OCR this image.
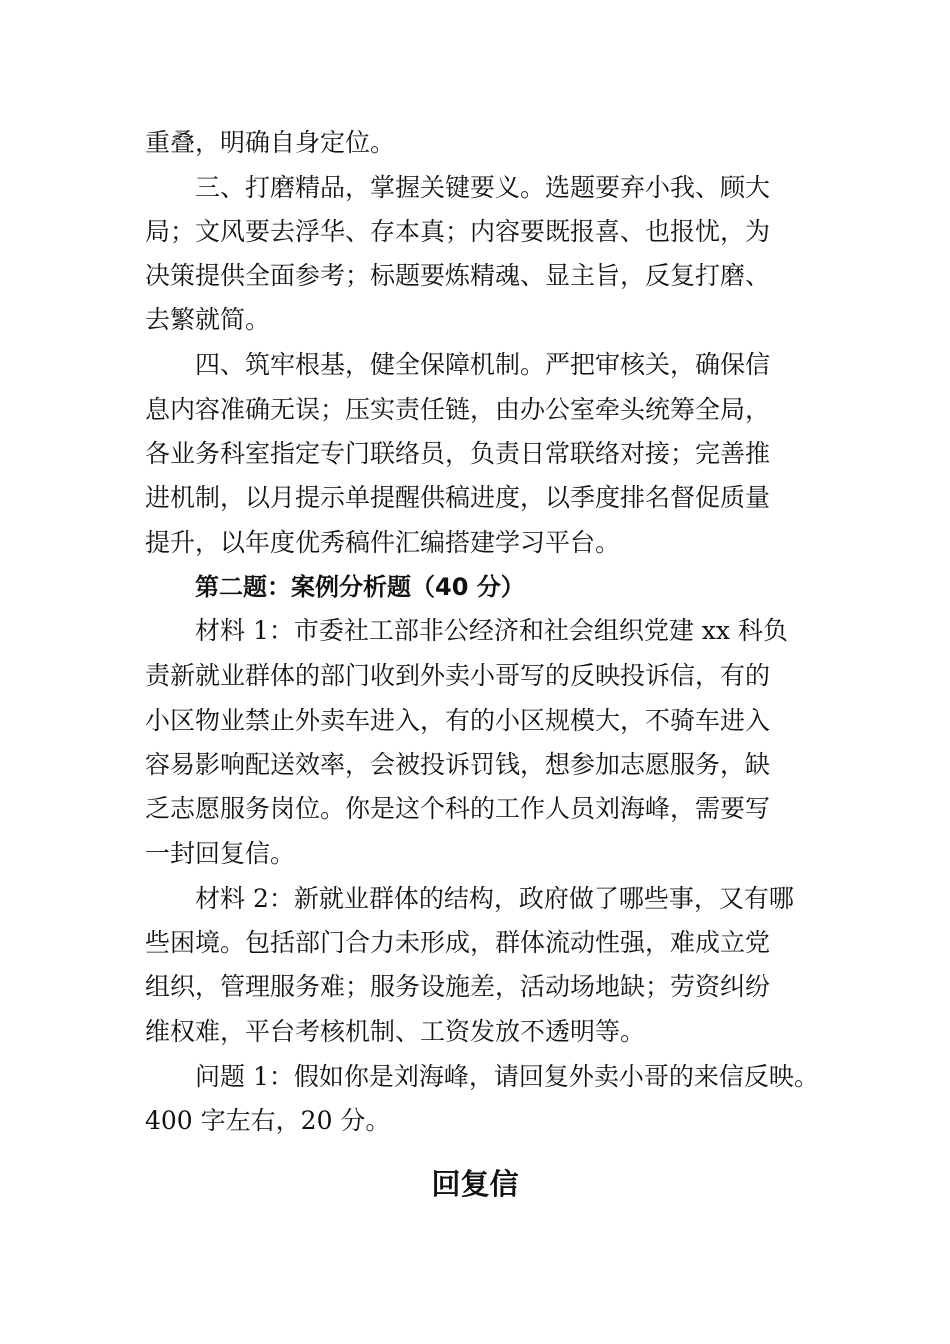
重叠，明确自身定位。
三、打磨精品，掌握关键要义。选题要弃小我、顾大
局；文风要去浮华、存本真；内容要既报喜、也报忧，为
决策提供全面参考；标题要炼精魂、显主旨，反复打磨、
去繁就简。
四、筑牢根基，健全保障机制。严把审核关，确保信
息内容准确无误；压实责任链，由办公室牵头统筹全局，
各业务科室指定专门联络员，负责日常联络对接；完善推
进机制，以月提示单提醒供稿进度，以季度排名督促质量
提升，以年度优秀稿件汇编搭建学习平台。
第二题：案例分析题（40 分）
材料 1：市委社工部非公经济和社会组织党建 xx 科负
责新就业群体的部门收到外卖小哥写的反映投诉信，有的
小区物业禁止外卖车进入，有的小区规模大，不骑车进入
容易影响配送效率，会被投诉罚钱，想参加志愿服务，缺
乏志愿服务岗位。你是这个科的工作人员刘海峰，需要写
一封回复信。
材料 2：新就业群体的结构，政府做了哪些事，又有哪
些困境。包括部门合力未形成，群体流动性强，难成立党
组织，管理服务难；服务设施差，活动场地缺；劳资纠纷
维权难，平台考核机制、工资发放不透明等。
问题 1：假如你是刘海峰，请回复外卖小哥的来信反映。
400 字左右，20 分。
回复信
